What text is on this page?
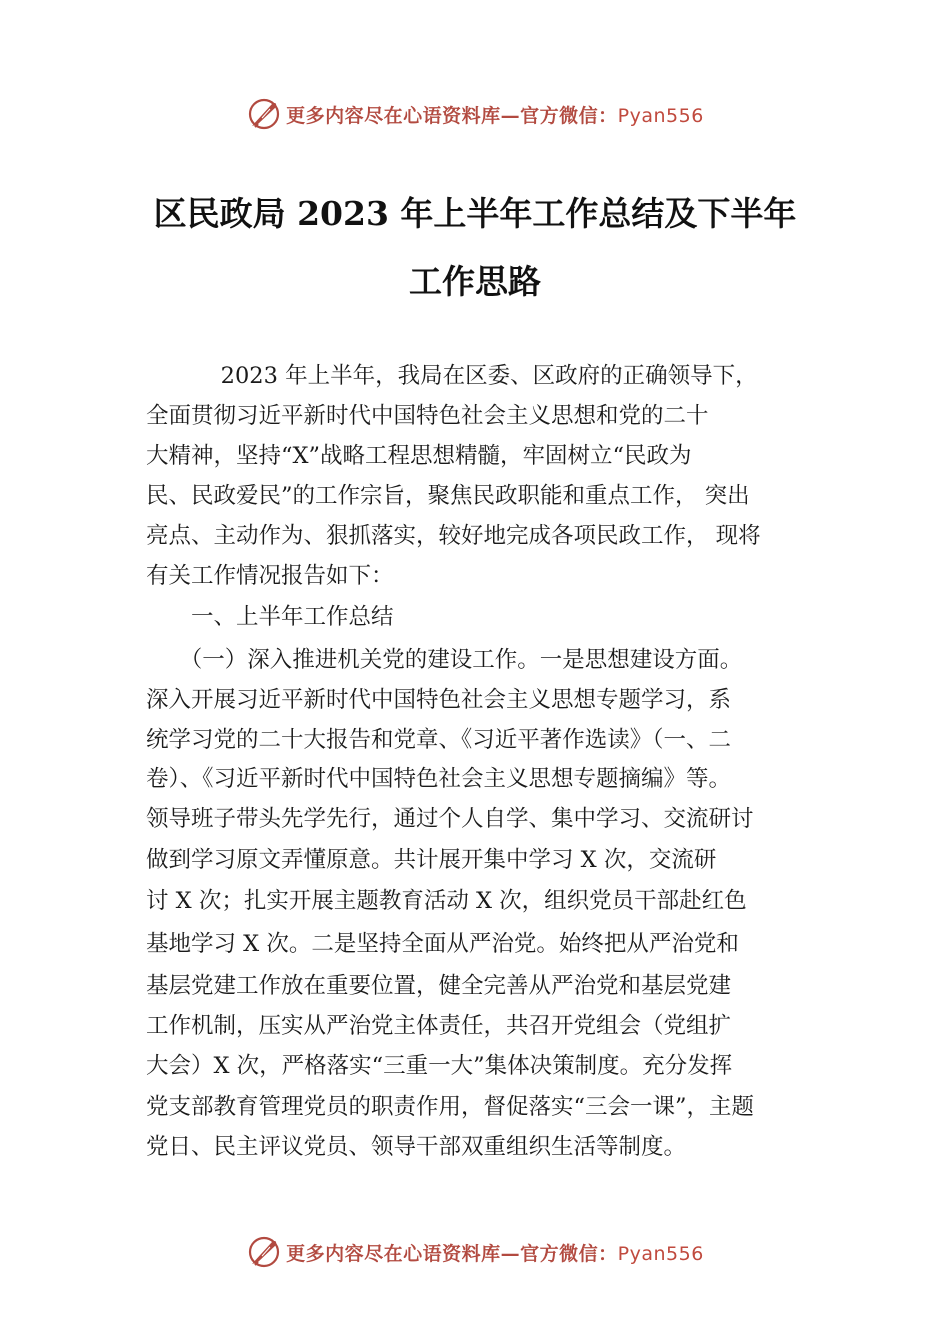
更多内容尽在心语资料库—官方微信：Pyan556
区民政局 2023 年上半年工作总结及下半年
工作思路
　　　 2023 年上半年，我局在区委、区政府的正确领导下，
全面贯彻习近平新时代中国特色社会主义思想和党的二十
大精神，坚持“X”战略工程思想精髓，牢固树立“民政为
民、民政爱民”的工作宗旨，聚焦民政职能和重点工作， 突出
亮点、主动作为、狠抓落实，较好地完成各项民政工作， 现将
有关工作情况报告如下：
　　一、上半年工作总结
　　（一）深入推进机关党的建设工作。一是思想建设方面。
深入开展习近平新时代中国特色社会主义思想专题学习，系
统学习党的二十大报告和党章、《习近平著作选读》（一、二
卷）、《习近平新时代中国特色社会主义思想专题摘编》等。
领导班子带头先学先行，通过个人自学、集中学习、交流研讨
做到学习原文弄懂原意。共计展开集中学习 X 次，交流研
讨 X 次；扎实开展主题教育活动 X 次，组织党员干部赴红色
基地学习 X 次。二是坚持全面从严治党。始终把从严治党和
基层党建工作放在重要位置，健全完善从严治党和基层党建
工作机制，压实从严治党主体责任，共召开党组会（党组扩
大会）X 次，严格落实“三重一大”集体决策制度。充分发挥
党支部教育管理党员的职责作用，督促落实“三会一课”，主题
党日、民主评议党员、领导干部双重组织生活等制度。
更多内容尽在心语资料库—官方微信：Pyan556
